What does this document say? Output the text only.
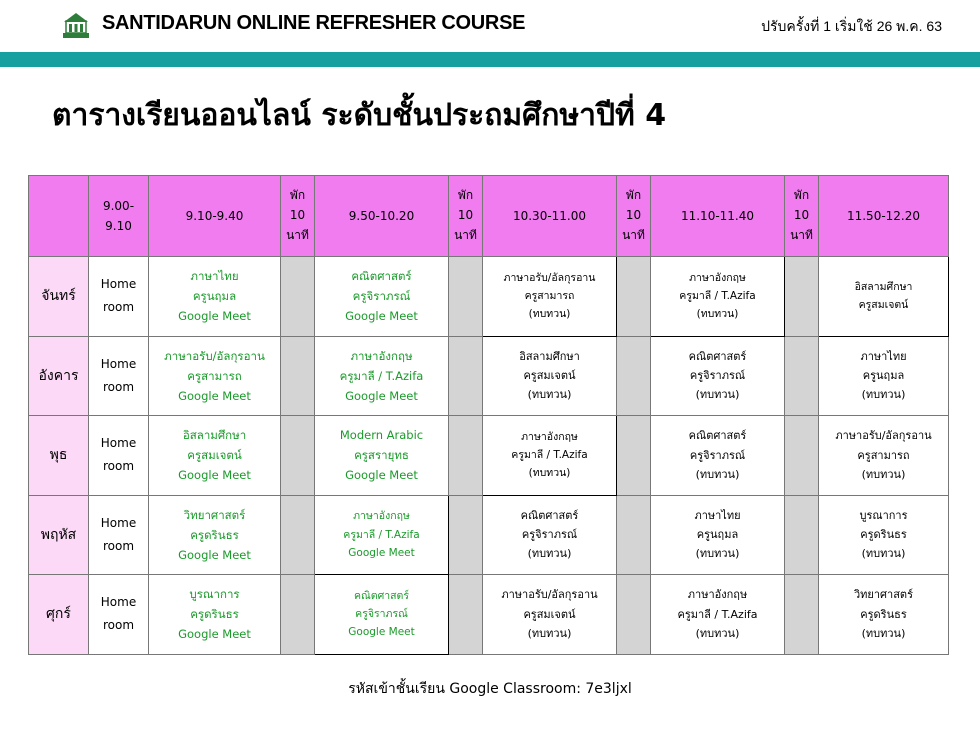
SANTIDARUN ONLINE REFRESHER COURSE	ปรับครั้งที่ 1 เริ่มใช้ 26 พ.ค. 63
ตารางเรียนออนไลน์ ระดับชั้นประถมศึกษาปีที่ 4

	9.00-
9.10	9.10-9.40	พัก
10
นาที	9.50-10.20	พัก
10
นาที	10.30-11.00	พัก
10
นาที	11.10-11.40	พัก
10
นาที	11.50-12.20
จันทร์	Home
room	ภาษาไทย
ครูนฤมล
Google Meet		คณิตศาสตร์
ครูจิราภรณ์
Google Meet		ภาษาอรับ/อัลกุรอาน
ครูสามารถ
(ทบทวน)		ภาษาอังกฤษ
ครูมาลี / T.Azifa
(ทบทวน)		อิสลามศึกษา
ครูสมเจตน์

อังคาร	Home
room	ภาษาอรับ/อัลกุรอาน
ครูสามารถ
Google Meet		ภาษาอังกฤษ
ครูมาลี / T.Azifa
Google Meet		อิสลามศึกษา
ครูสมเจตน์
(ทบทวน)		คณิตศาสตร์
ครูจิราภรณ์
(ทบทวน)		ภาษาไทย
ครูนฤมล
(ทบทวน)

พุธ	Home
room	อิสลามศึกษา
ครูสมเจตน์
Google Meet		Modern Arabic
ครูสรายุทธ
Google Meet		ภาษาอังกฤษ
ครูมาลี / T.Azifa
(ทบทวน)		คณิตศาสตร์
ครูจิราภรณ์
(ทบทวน)		ภาษาอรับ/อัลกุรอาน
ครูสามารถ
(ทบทวน)

พฤหัส	Home
room	วิทยาศาสตร์
ครูดรินธร
Google Meet		ภาษาอังกฤษ
ครูมาลี / T.Azifa
Google Meet		คณิตศาสตร์
ครูจิราภรณ์
(ทบทวน)		ภาษาไทย
ครูนฤมล
(ทบทวน)		บูรณาการ
ครูดรินธร
(ทบทวน)

ศุกร์	Home
room	บูรณาการ
ครูดรินธร
Google Meet		คณิตศาสตร์
ครูจิราภรณ์
Google Meet		ภาษาอรับ/อัลกุรอาน
ครูสมเจตน์
(ทบทวน)		ภาษาอังกฤษ
ครูมาลี / T.Azifa
(ทบทวน)		วิทยาศาสตร์
ครูดรินธร
(ทบทวน)
รหัสเข้าชั้นเรียน Google Classroom: 7e3ljxl
